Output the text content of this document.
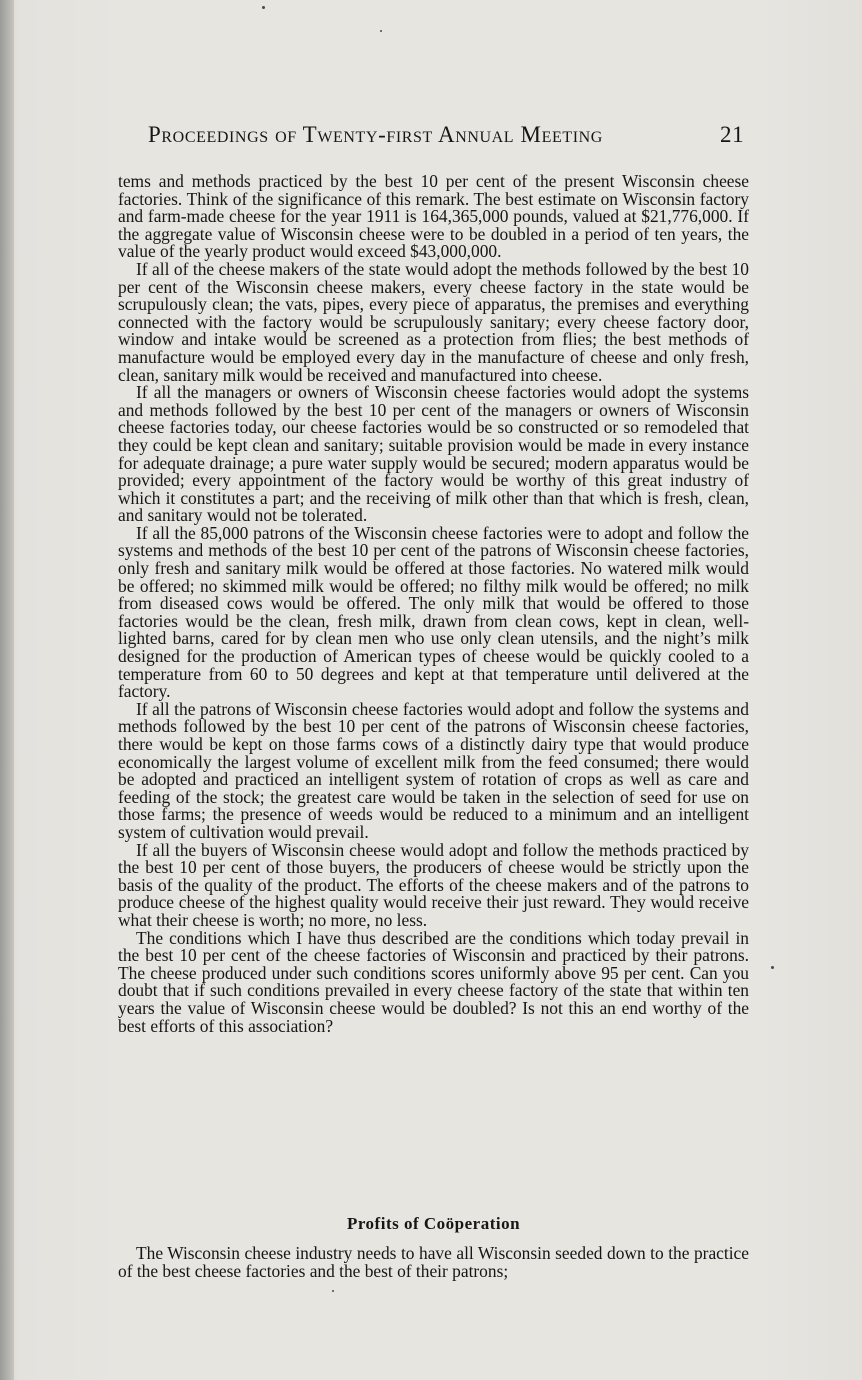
Proceedings of Twenty-first Annual Meeting	21

tems and methods practiced by the best 10 per cent of the present Wisconsin cheese factories. Think of the significance of this remark. The best estimate on Wisconsin factory and farm-made cheese for the year 1911 is 164,365,000 pounds, valued at $21,776,000. If the aggregate value of Wisconsin cheese were to be doubled in a period of ten years, the value of the yearly product would exceed $43,000,000.

If all of the cheese makers of the state would adopt the methods followed by the best 10 per cent of the Wisconsin cheese makers, every cheese factory in the state would be scrupulously clean; the vats, pipes, every piece of apparatus, the premises and everything connected with the factory would be scrupulously sanitary; every cheese factory door, window and intake would be screened as a protection from flies; the best methods of manufacture would be employed every day in the manufacture of cheese and only fresh, clean, sanitary milk would be received and manufactured into cheese.

If all the managers or owners of Wisconsin cheese factories would adopt the systems and methods followed by the best 10 per cent of the managers or owners of Wisconsin cheese factories today, our cheese factories would be so constructed or so remodeled that they could be kept clean and sanitary; suitable provision would be made in every instance for adequate drainage; a pure water supply would be secured; modern apparatus would be provided; every appointment of the factory would be worthy of this great industry of which it constitutes a part; and the receiving of milk other than that which is fresh, clean, and sanitary would not be tolerated.

If all the 85,000 patrons of the Wisconsin cheese factories were to adopt and follow the systems and methods of the best 10 per cent of the patrons of Wisconsin cheese factories, only fresh and sanitary milk would be offered at those factories. No watered milk would be offered; no skimmed milk would be offered; no filthy milk would be offered; no milk from diseased cows would be offered. The only milk that would be offered to those factories would be the clean, fresh milk, drawn from clean cows, kept in clean, well-lighted barns, cared for by clean men who use only clean utensils, and the night’s milk designed for the production of American types of cheese would be quickly cooled to a temperature from 60 to 50 degrees and kept at that temperature until delivered at the factory.

If all the patrons of Wisconsin cheese factories would adopt and follow the systems and methods followed by the best 10 per cent of the patrons of Wisconsin cheese factories, there would be kept on those farms cows of a distinctly dairy type that would produce economically the largest volume of excellent milk from the feed consumed; there would be adopted and practiced an intelligent system of rotation of crops as well as care and feeding of the stock; the greatest care would be taken in the selection of seed for use on those farms; the presence of weeds would be reduced to a minimum and an intelligent system of cultivation would prevail.

If all the buyers of Wisconsin cheese would adopt and follow the methods practiced by the best 10 per cent of those buyers, the producers of cheese would be strictly upon the basis of the quality of the product. The efforts of the cheese makers and of the patrons to produce cheese of the highest quality would receive their just reward. They would receive what their cheese is worth; no more, no less.

The conditions which I have thus described are the conditions which today prevail in the best 10 per cent of the cheese factories of Wisconsin and practiced by their patrons. The cheese produced under such conditions scores uniformly above 95 per cent. Can you doubt that if such conditions prevailed in every cheese factory of the state that within ten years the value of Wisconsin cheese would be doubled? Is not this an end worthy of the best efforts of this association?

Profits of Coöperation

The Wisconsin cheese industry needs to have all Wisconsin seeded down to the practice of the best cheese factories and the best of their patrons;
